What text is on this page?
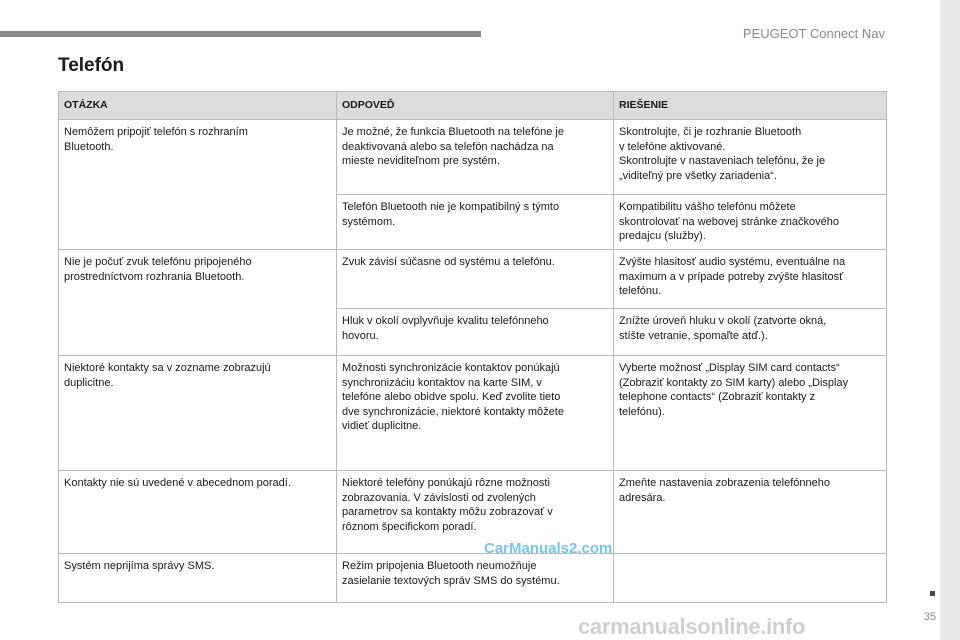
PEUGEOT Connect Nav
Telefón
OTÁZKA	ODPOVEĎ	RIEŠENIE

Nemôžem pripojiť telefón s rozhraním
Bluetooth.	Je možné, že funkcia Bluetooth na telefóne je
deaktivovaná alebo sa telefón nachádza na
mieste neviditeľnom pre systém.	Skontrolujte, či je rozhranie Bluetooth
v telefóne aktivované.
Skontrolujte v nastaveniach telefónu, že je
„viditeľný pre všetky zariadenia“.

	Telefón Bluetooth nie je kompatibilný s týmto
systémom.	Kompatibilitu vášho telefónu môžete
skontrolovať na webovej stránke značkového
predajcu (služby).

Nie je počuť zvuk telefónu pripojeného
prostredníctvom rozhrania Bluetooth.	Zvuk závisí súčasne od systému a telefónu.	Zvýšte hlasitosť audio systému, eventuálne na
maximum a v prípade potreby zvýšte hlasitosť
telefónu.

	Hluk v okolí ovplyvňuje kvalitu telefónneho
hovoru.	Znížte úroveň hluku v okolí (zatvorte okná,
stíšte vetranie, spomaľte atď.).

Niektoré kontakty sa v zozname zobrazujú
duplicitne.	Možnosti synchronizácie kontaktov ponúkajú
synchronizáciu kontaktov na karte SIM, v
telefóne alebo obidve spolu. Keď zvolite tieto
dve synchronizácie, niektoré kontakty môžete
vidieť duplicitne.	Vyberte možnosť „Display SIM card contacts“
(Zobraziť kontakty zo SIM karty) alebo „Display
telephone contacts“ (Zobraziť kontakty z
telefónu).

Kontakty nie sú uvedené v abecednom poradí.	Niektoré telefóny ponúkajú rôzne možnosti
zobrazovania. V závislosti od zvolených
parametrov sa kontakty môžu zobrazovať v
rôznom špecifickom poradí.	Zmeňte nastavenia zobrazenia telefónneho
adresára.

Systém neprijíma správy SMS.	Režim pripojenia Bluetooth neumožňuje
zasielanie textových správ SMS do systému.	

CarManuals2.com
35
carmanualsonline.info
